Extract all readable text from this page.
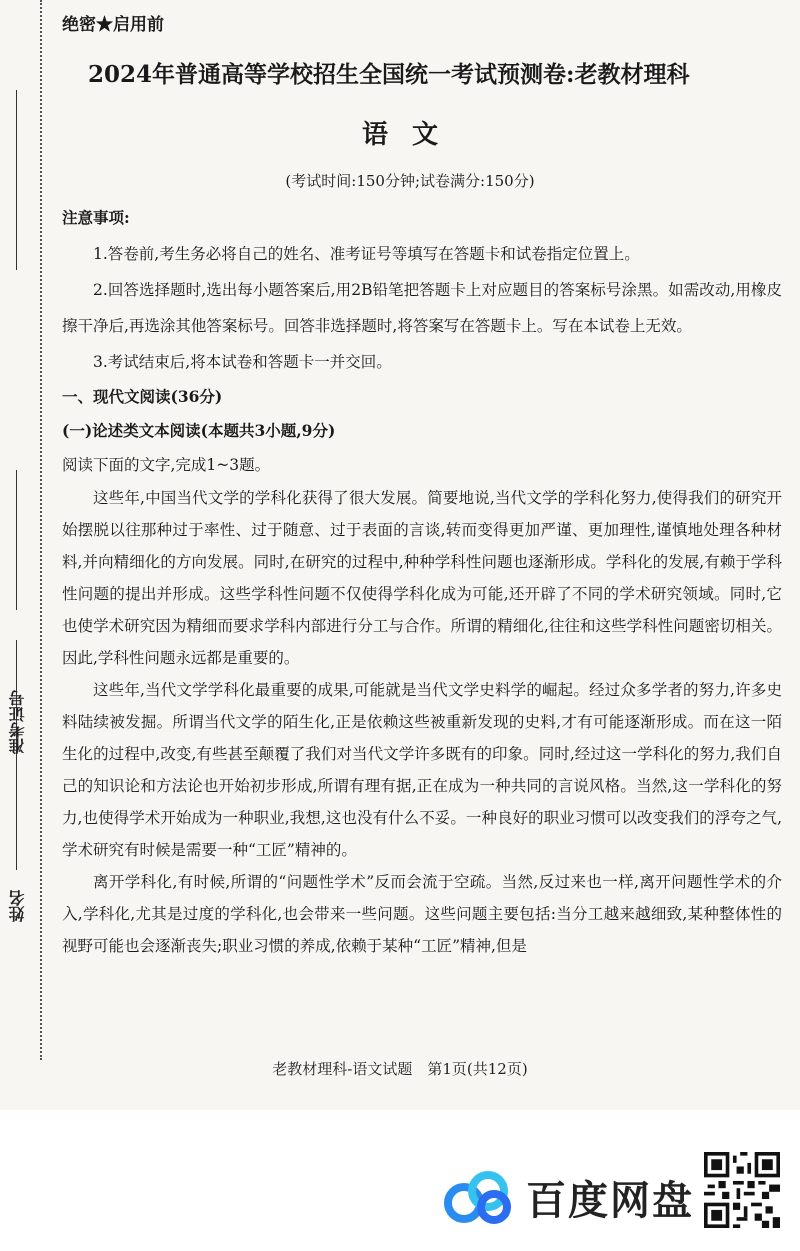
姓名
准考证号
绝密★启用前
2024年普通高等学校招生全国统一考试预测卷:老教材理科
语文
(考试时间:150分钟;试卷满分:150分)

注意事项:

1.答卷前,考生务必将自己的姓名、准考证号等填写在答题卡和试卷指定位置上。

2.回答选择题时,选出每小题答案后,用2B铅笔把答题卡上对应题目的答案标号涂黑。如需改动,用橡皮擦干净后,再选涂其他答案标号。回答非选择题时,将答案写在答题卡上。写在本试卷上无效。

3.考试结束后,将本试卷和答题卡一并交回。

一、现代文阅读(36分)

(一)论述类文本阅读(本题共3小题,9分)

阅读下面的文字,完成1~3题。

这些年,中国当代文学的学科化获得了很大发展。简要地说,当代文学的学科化努力,使得我们的研究开始摆脱以往那种过于率性、过于随意、过于表面的言谈,转而变得更加严谨、更加理性,谨慎地处理各种材料,并向精细化的方向发展。同时,在研究的过程中,种种学科性问题也逐渐形成。学科化的发展,有赖于学科性问题的提出并形成。这些学科性问题不仅使得学科化成为可能,还开辟了不同的学术研究领域。同时,它也使学术研究因为精细而要求学科内部进行分工与合作。所谓的精细化,往往和这些学科性问题密切相关。因此,学科性问题永远都是重要的。

这些年,当代文学学科化最重要的成果,可能就是当代文学史料学的崛起。经过众多学者的努力,许多史料陆续被发掘。所谓当代文学的陌生化,正是依赖这些被重新发现的史料,才有可能逐渐形成。而在这一陌生化的过程中,改变,有些甚至颠覆了我们对当代文学许多既有的印象。同时,经过这一学科化的努力,我们自己的知识论和方法论也开始初步形成,所谓有理有据,正在成为一种共同的言说风格。当然,这一学科化的努力,也使得学术开始成为一种职业,我想,这也没有什么不妥。一种良好的职业习惯可以改变我们的浮夸之气,学术研究有时候是需要一种“工匠”精神的。

离开学科化,有时候,所谓的“问题性学术”反而会流于空疏。当然,反过来也一样,离开问题性学术的介入,学科化,尤其是过度的学科化,也会带来一些问题。这些问题主要包括:当分工越来越细致,某种整体性的视野可能也会逐渐丧失;职业习惯的养成,依赖于某种“工匠”精神,但是

老教材理科-语文试题　第1页(共12页)
百度网盘
